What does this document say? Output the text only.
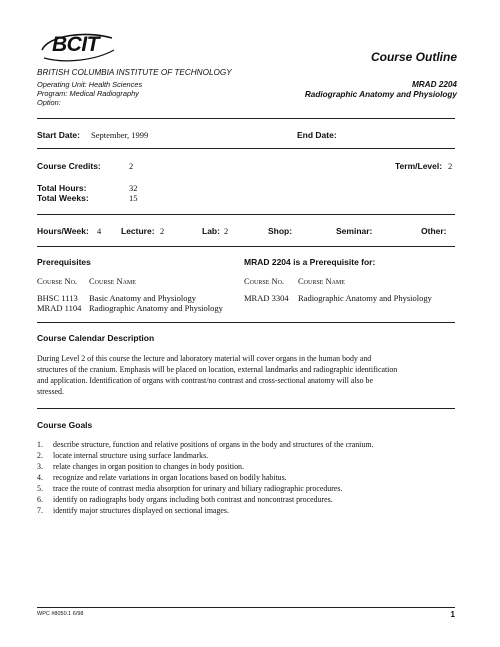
BCIT
Course Outline
BRITISH COLUMBIA INSTITUTE OF TECHNOLOGY
Operating Unit: Health Sciences
Program: Medical Radiography
Option:
MRAD 2204
Radiographic Anatomy and Physiology
Start Date: September, 1999	End Date:
Course Credits:	2	Term/Level: 2
Total Hours:	32
Total Weeks:	15
Hours/Week: 4 Lecture: 2	Lab: 2	Shop:	Seminar:	Other:
Prerequisites
Course No. Course Name
BHSC 1113 Basic Anatomy and Physiology
MRAD 1104 Radiographic Anatomy and Physiology
MRAD 2204 is a Prerequisite for:
Course No. Course Name
MRAD 3304 Radiographic Anatomy and Physiology
Course Calendar Description
During Level 2 of this course the lecture and laboratory material will cover organs in the human body and
structures of the cranium. Emphasis will be placed on location, external landmarks and radiographic identification
and application. Identification of organs with contrast/no contrast and cross-sectional anatomy will also be
stressed.
Course Goals
1.	describe structure, function and relative positions of organs in the body and structures of the cranium.
2.	locate internal structure using surface landmarks.
3.	relate changes in organ position to changes in body position.
4.	recognize and relate variations in organ locations based on bodily habitus.
5.	trace the route of contrast media absorption for urinary and biliary radiographic procedures.
6.	identify on radiographs body organs including both contrast and noncontrast procedures.
7.	identify major structures displayed on sectional images.
WPC #8050.1 6/98	1
